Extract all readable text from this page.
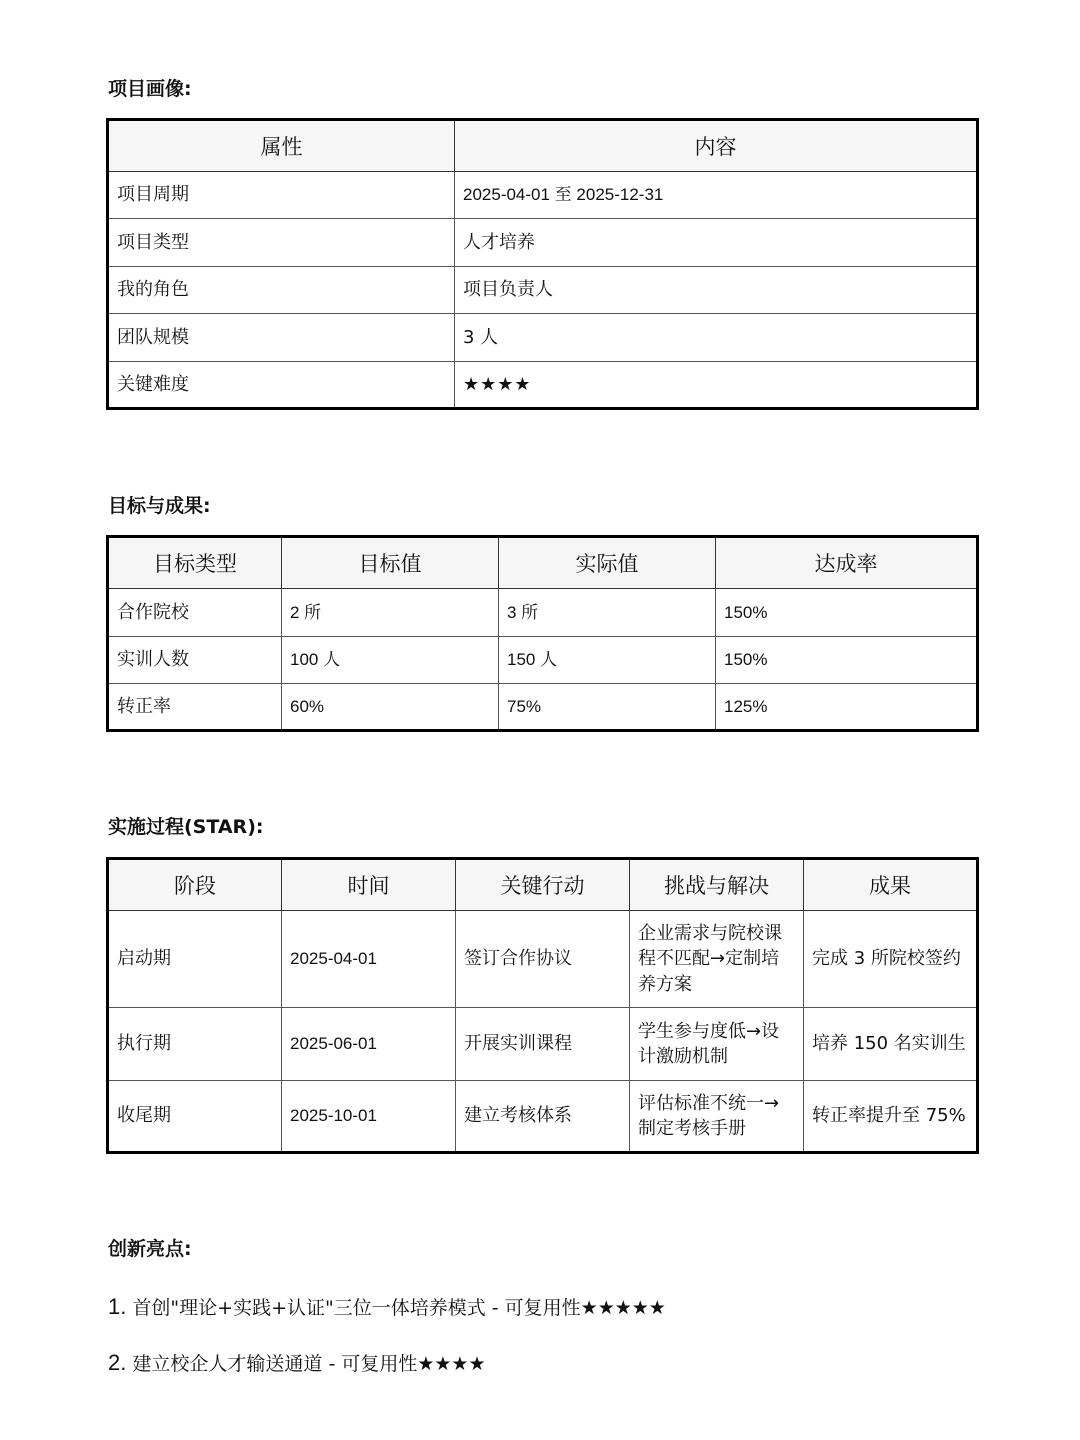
项目画像:
属性	内容
项目周期	2025-04-01 至 2025-12-31
项目类型	人才培养
我的角色	项目负责人
团队规模	3 人
关键难度	★★★★
目标与成果:
目标类型	目标值	实际值	达成率
合作院校	2 所	3 所	150%
实训人数	100 人	150 人	150%
转正率	60%	75%	125%
实施过程(STAR):
阶段	时间	关键行动	挑战与解决	成果
启动期	2025-04-01	签订合作协议	企业需求与院校课程不匹配→定制培养方案	完成 3 所院校签约
执行期	2025-06-01	开展实训课程	学生参与度低→设计激励机制	培养 150 名实训生
收尾期	2025-10-01	建立考核体系	评估标准不统一→制定考核手册	转正率提升至 75%
创新亮点:

1. 首创"理论+实践+认证"三位一体培养模式 - 可复用性★★★★★

2. 建立校企人才输送通道 - 可复用性★★★★
